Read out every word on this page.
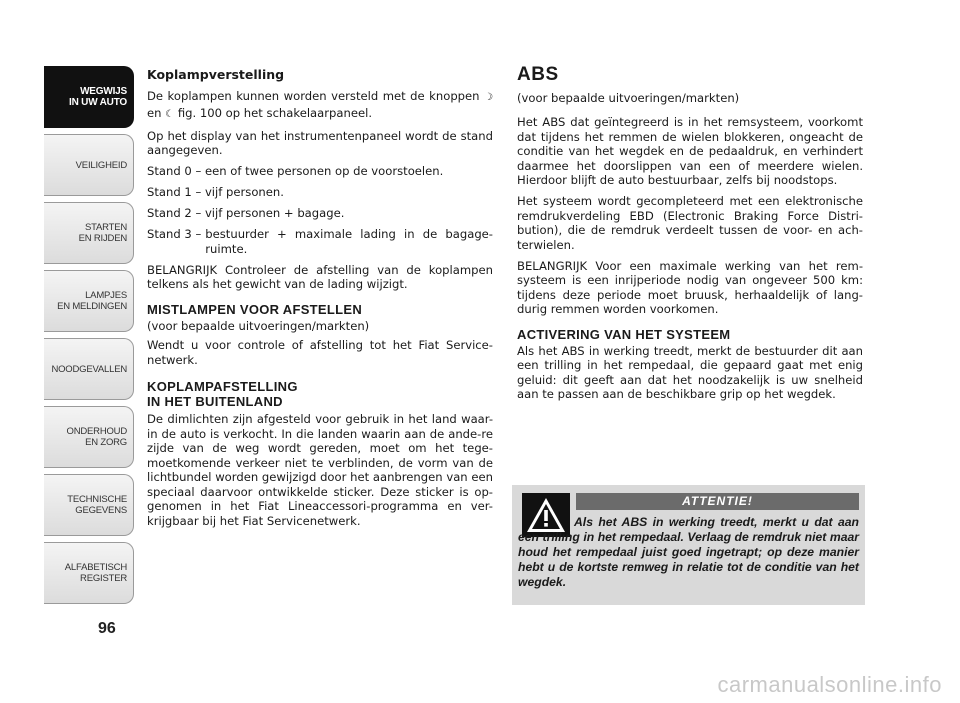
WEGWIJS
IN UW AUTO
VEILIGHEID
STARTEN
EN RIJDEN
LAMPJES
EN MELDINGEN
NOODGEVALLEN
ONDERHOUD
EN ZORG
TECHNISCHE
GEGEVENS
ALFABETISCH
REGISTER
96

Koplampverstelling

De koplampen kunnen worden versteld met de knoppen ☽ en ☾ fig. 100 op het schakelaarpaneel.

Op het display van het instrumentenpaneel wordt de stand aangegeven.

Stand 0 – een of twee personen op de voorstoelen.

Stand 1 – vijf personen.

Stand 2 – vijf personen + bagage.

Stand 3 – bestuurder + maximale lading in de bagage-ruimte.

BELANGRIJK Controleer de afstelling van de koplampen telkens als het gewicht van de lading wijzigt.

MISTLAMPEN VOOR AFSTELLEN

(voor bepaalde uitvoeringen/markten)

Wendt u voor controle of afstelling tot het Fiat Service-netwerk.

KOPLAMPAFSTELLING
IN HET BUITENLAND

De dimlichten zijn afgesteld voor gebruik in het land waar-in de auto is verkocht. In die landen waarin aan de ande-re zijde van de weg wordt gereden, moet om het tege-moetkomende verkeer niet te verblinden, de vorm van de lichtbundel worden gewijzigd door het aanbrengen van een speciaal daarvoor ontwikkelde sticker. Deze sticker is op-genomen in het Fiat Lineaccessori-programma en ver-krijgbaar bij het Fiat Servicenetwerk.

ABS

(voor bepaalde uitvoeringen/markten)

Het ABS dat geïntegreerd is in het remsysteem, voorkomt dat tijdens het remmen de wielen blokkeren, ongeacht de conditie van het wegdek en de pedaaldruk, en verhindert daarmee het doorslippen van een of meerdere wielen. Hierdoor blijft de auto bestuurbaar, zelfs bij noodstops.

Het systeem wordt gecompleteerd met een elektronische remdrukverdeling EBD (Electronic Braking Force Distri-bution), die de remdruk verdeelt tussen de voor- en ach-terwielen.

BELANGRIJK Voor een maximale werking van het rem-systeem is een inrijperiode nodig van ongeveer 500 km: tijdens deze periode moet bruusk, herhaaldelijk of lang-durig remmen worden voorkomen.

ACTIVERING VAN HET SYSTEEM

Als het ABS in werking treedt, merkt de bestuurder dit aan een trilling in het rempedaal, die gepaard gaat met enig geluid: dit geeft aan dat het noodzakelijk is uw snelheid aan te passen aan de beschikbare grip op het wegdek.

ATTENTIE!
Als het ABS in werking treedt, merkt u dat aan een trilling in het rempedaal. Verlaag de remdruk niet maar houd het rempedaal juist goed ingetrapt; op deze manier hebt u de kortste remweg in relatie tot de conditie van het wegdek.
carmanualsonline.info
